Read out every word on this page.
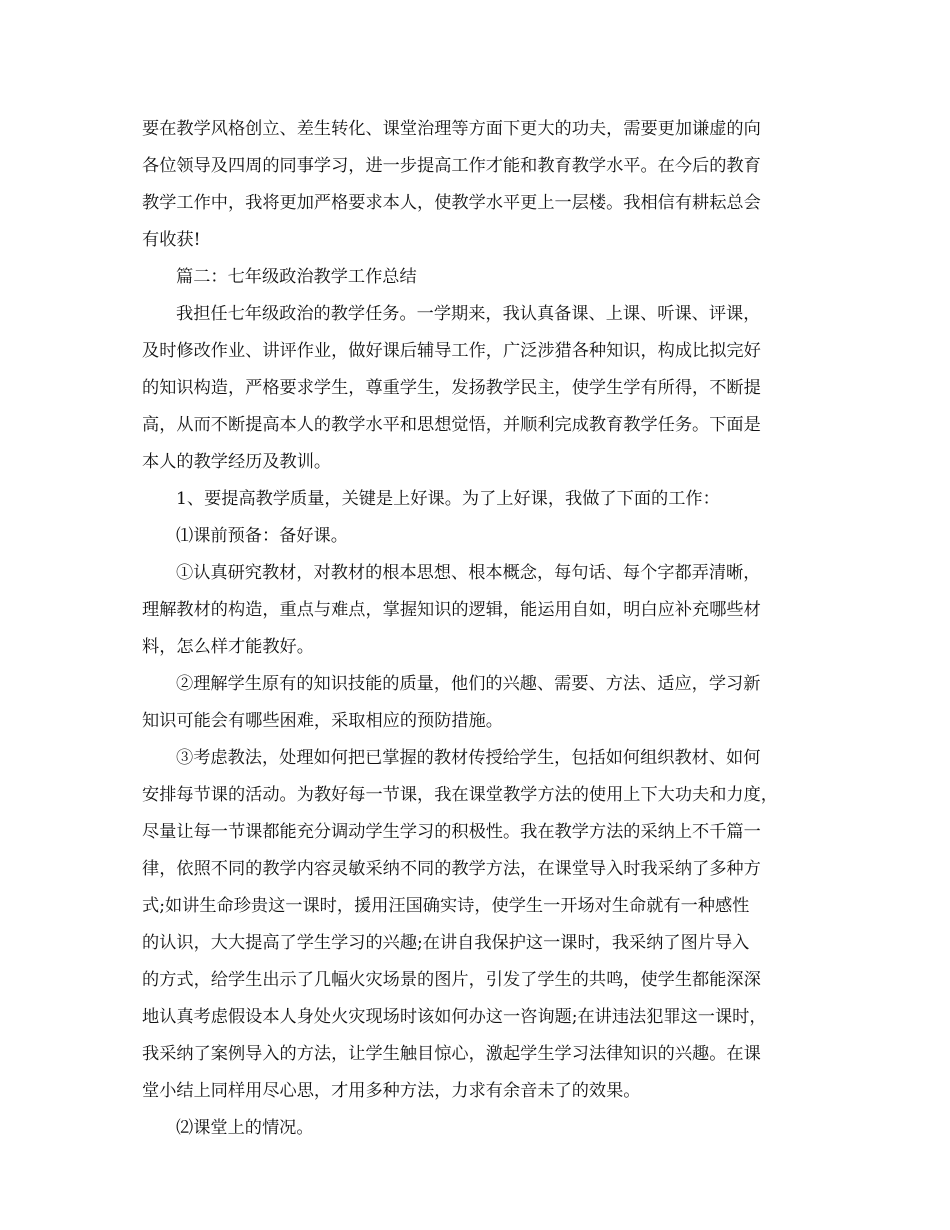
要在教学风格创立、差生转化、课堂治理等方面下更大的功夫，需要更加谦虚的向
各位领导及四周的同事学习，进一步提高工作才能和教育教学水平。在今后的教育
教学工作中，我将更加严格要求本人，使教学水平更上一层楼。我相信有耕耘总会
有收获!
篇二：七年级政治教学工作总结
我担任七年级政治的教学任务。一学期来，我认真备课、上课、听课、评课，
及时修改作业、讲评作业，做好课后辅导工作，广泛涉猎各种知识，构成比拟完好
的知识构造，严格要求学生，尊重学生，发扬教学民主，使学生学有所得，不断提
高，从而不断提高本人的教学水平和思想觉悟，并顺利完成教育教学任务。下面是
本人的教学经历及教训。
1、要提高教学质量，关键是上好课。为了上好课，我做了下面的工作：
⑴课前预备：备好课。
①认真研究教材，对教材的根本思想、根本概念，每句话、每个字都弄清晰，
理解教材的构造，重点与难点，掌握知识的逻辑，能运用自如，明白应补充哪些材
料，怎么样才能教好。
②理解学生原有的知识技能的质量，他们的兴趣、需要、方法、适应，学习新
知识可能会有哪些困难，采取相应的预防措施。
③考虑教法，处理如何把已掌握的教材传授给学生，包括如何组织教材、如何
安排每节课的活动。为教好每一节课，我在课堂教学方法的使用上下大功夫和力度，
尽量让每一节课都能充分调动学生学习的积极性。我在教学方法的采纳上不千篇一
律，依照不同的教学内容灵敏采纳不同的教学方法，在课堂导入时我采纳了多种方
式;如讲生命珍贵这一课时，援用汪国确实诗，使学生一开场对生命就有一种感性
的认识，大大提高了学生学习的兴趣;在讲自我保护这一课时，我采纳了图片导入
的方式，给学生出示了几幅火灾场景的图片，引发了学生的共鸣，使学生都能深深
地认真考虑假设本人身处火灾现场时该如何办这一咨询题;在讲违法犯罪这一课时，
我采纳了案例导入的方法，让学生触目惊心，激起学生学习法律知识的兴趣。在课
堂小结上同样用尽心思，才用多种方法，力求有余音未了的效果。
⑵课堂上的情况。
